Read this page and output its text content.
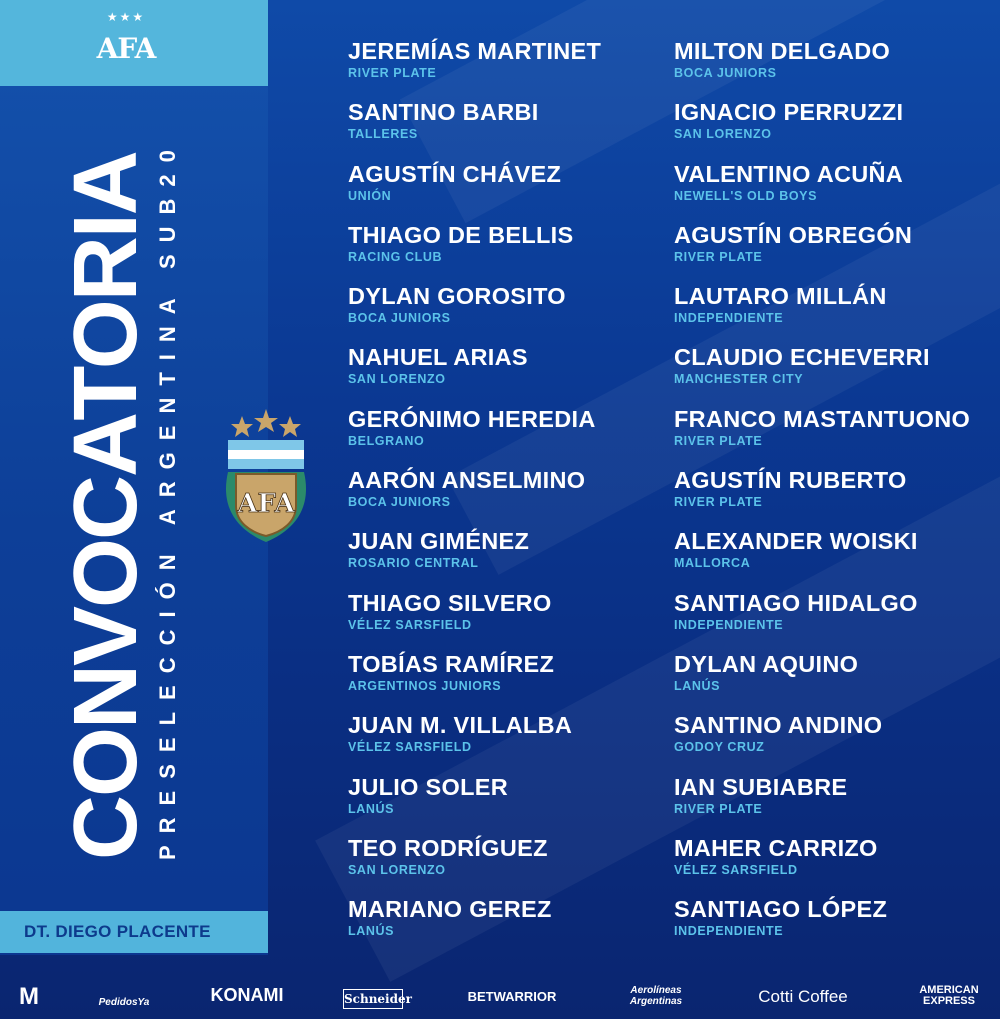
★★★
AFA
CONVOCATORIA PRESELECCIÓN ARGENTINA SUB20 AFA
DT. DIEGO PLACENTE
JEREMÍAS MARTINET
RIVER PLATE
SANTINO BARBI
TALLERES
AGUSTÍN CHÁVEZ
UNIÓN
THIAGO DE BELLIS
RACING CLUB
DYLAN GOROSITO
BOCA JUNIORS
NAHUEL ARIAS
SAN LORENZO
GERÓNIMO HEREDIA
BELGRANO
AARÓN ANSELMINO
BOCA JUNIORS
JUAN GIMÉNEZ
ROSARIO CENTRAL
THIAGO SILVERO
VÉLEZ SARSFIELD
TOBÍAS RAMÍREZ
ARGENTINOS JUNIORS
JUAN M. VILLALBA
VÉLEZ SARSFIELD
JULIO SOLER
LANÚS
TEO RODRÍGUEZ
SAN LORENZO
MARIANO GEREZ
LANÚS
MILTON DELGADO
BOCA JUNIORS
IGNACIO PERRUZZI
SAN LORENZO
VALENTINO ACUÑA
NEWELL'S OLD BOYS
AGUSTÍN OBREGÓN
RIVER PLATE
LAUTARO MILLÁN
INDEPENDIENTE
CLAUDIO ECHEVERRI
MANCHESTER CITY
FRANCO MASTANTUONO
RIVER PLATE
AGUSTÍN RUBERTO
RIVER PLATE
ALEXANDER WOISKI
MALLORCA
SANTIAGO HIDALGO
INDEPENDIENTE
DYLAN AQUINO
LANÚS
SANTINO ANDINO
GODOY CRUZ
IAN SUBIABRE
RIVER PLATE
MAHER CARRIZO
VÉLEZ SARSFIELD
SANTIAGO LÓPEZ
INDEPENDIENTE
M	PedidosYa	KONAMI	Schneider	BETWARRIOR	Aerolíneas Argentinas	Cotti Coffee	AMERICAN EXPRESS
